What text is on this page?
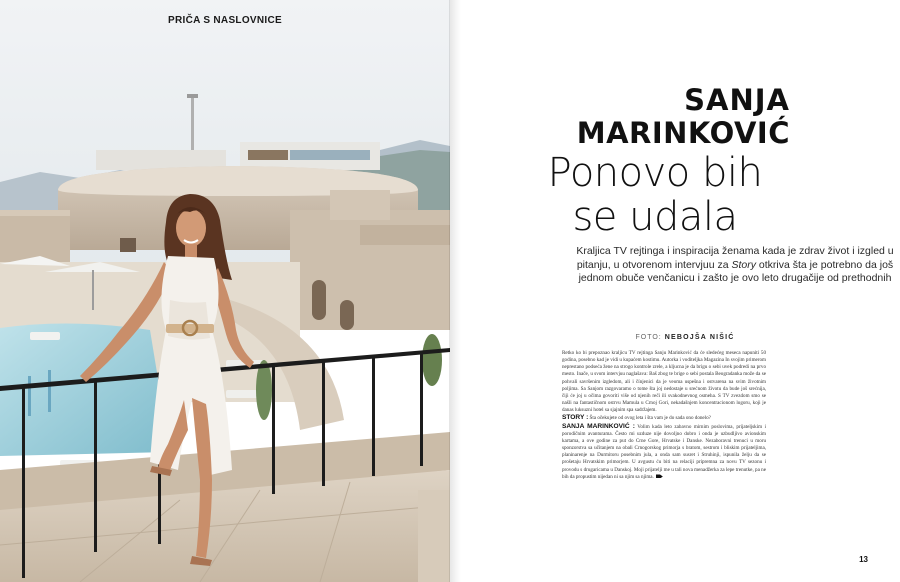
PRIČA S NASLOVNICE
SANJA
MARINKOVIĆ
Ponovo bih
se udala
Kraljica TV rejtinga i inspiracija ženama kada je zdrav život i izgled u pitanju, u otvorenom intervjuu za Story otkriva šta je potrebno da još jednom obuče venčanicu i zašto je ovo leto drugačije od prethodnih
FOTO: NEBOJŠA NIŠIĆ

Retko ko bi prepoznao kraljicu TV rejtinga Sanju Marinković da će sledećeg meseca napuniti 50 godina, posebno kad je vidi u kupaćem kostimu. Autorka i voditeljka Magazina In svojim primerom neprestano podseća žene na strogo kontrole zrele, a kljucna je da brigu o sebi uvek podredi na prvo mesto. Inače, u svom intervjuu naglašava: Baš zbog te brige o sebi postala Beogradanka može da se pohvali savršenim izgledom, ali i čínjenici da je veoma uspešna i ostvarena na svim životnim poljima. Sa Sanjom razgovaramo o tome šta joj nedostaje u srećnom životu da bude još srećnija, čiji će joj u očima govoriti više od njenih reči ili svakodnevnog osmeha. S TV zvezdom smo se našli na fantastičnom ostrvu Mamula u Crnoj Gori, nekadašnjem koncentracionom logoru, koji je danas luksuzni hotel sa sjajnim spa sadržajem.

STORY : Šta očekujete od ovog leta i šta vam je do sada ono donelo?

SANJA MARINKOVIĆ : Volim kada leto zabavno mirnim poslovima, prijateljskim i porodičnim avanturama. Često mi uzduze nije dovoljno dobro i onda je uzbudljivo avionskim kartama, a ove godine za put do Crne Gore, Hrvatske i Danske. Nezaboravni trenuci u moru sponzorstva sa učitanjem na obali Crnogorskog primorja s bratom, sestrom i bliskim prijateljima, planinarenje na Durmitoru posebnim jula, a onda sam susret i Struhinji, ispunila želju da se prošetaju Hrvatskim primorjem. U avgustu ću biti na relaciji pripremna za novu TV sezonu i provodu s drugaricama u Danskoj. Moji prijatelji me u tali nova menadžerka za lepe trenutke, pa ne bih da propustim nijedan ni sa njim sa njima.

13
